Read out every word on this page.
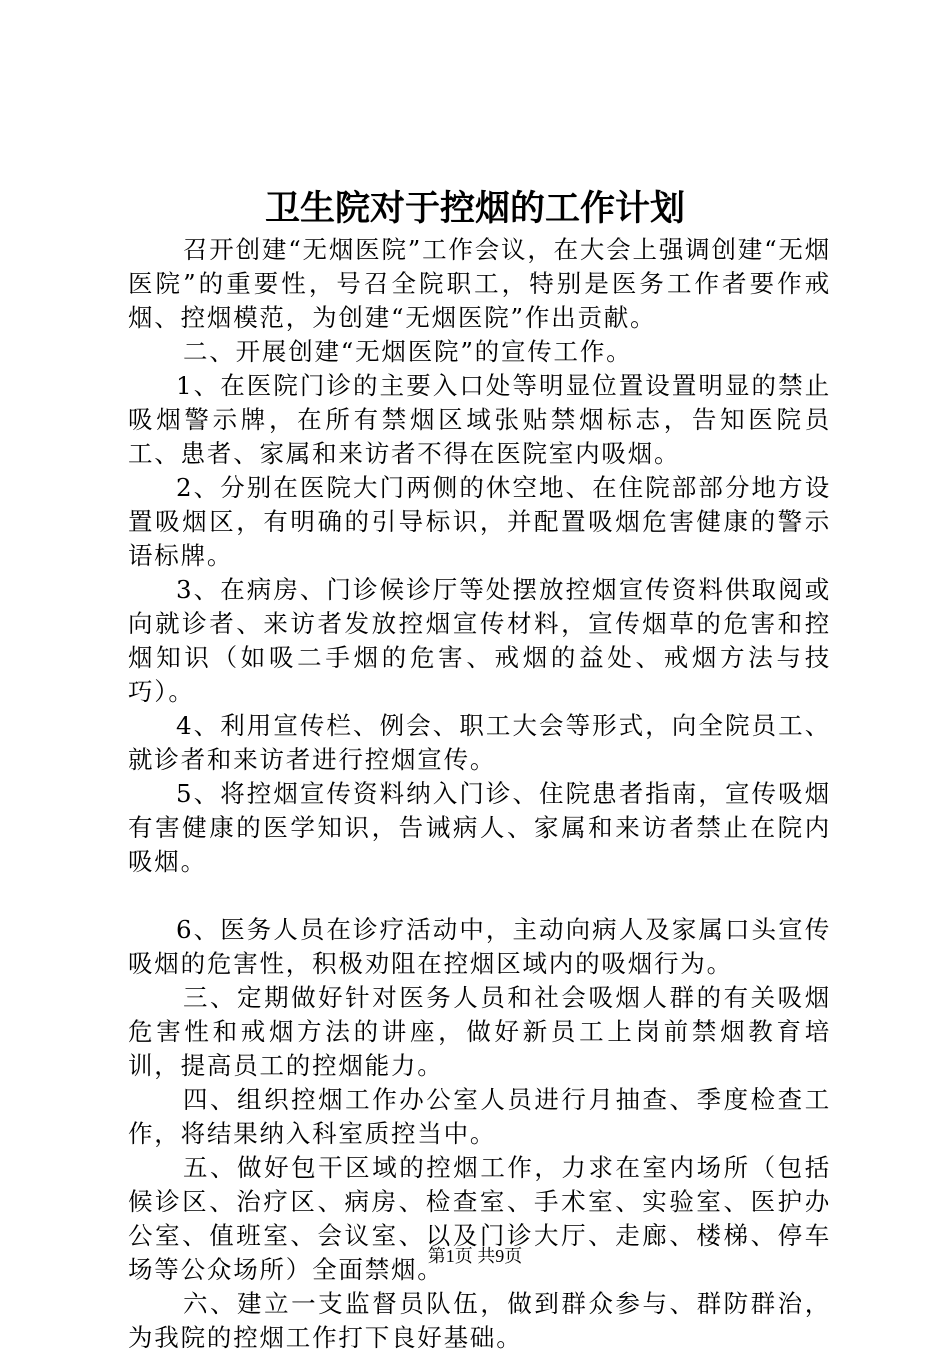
卫生院对于控烟的工作计划

召开创建“无烟医院”工作会议，在大会上强调创建“无烟医院”的重要性，号召全院职工，特别是医务工作者要作戒烟、控烟模范，为创建“无烟医院”作出贡献。

二、开展创建“无烟医院”的宣传工作。

1、在医院门诊的主要入口处等明显位置设置明显的禁止吸烟警示牌，在所有禁烟区域张贴禁烟标志，告知医院员工、患者、家属和来访者不得在医院室内吸烟。

2、分别在医院大门两侧的休空地、在住院部部分地方设置吸烟区，有明确的引导标识，并配置吸烟危害健康的警示语标牌。

3、在病房、门诊候诊厅等处摆放控烟宣传资料供取阅或向就诊者、来访者发放控烟宣传材料，宣传烟草的危害和控烟知识（如吸二手烟的危害、戒烟的益处、戒烟方法与技巧）。

4、利用宣传栏、例会、职工大会等形式，向全院员工、就诊者和来访者进行控烟宣传。

5、将控烟宣传资料纳入门诊、住院患者指南，宣传吸烟有害健康的医学知识，告诫病人、家属和来访者禁止在院内吸烟。

6、医务人员在诊疗活动中，主动向病人及家属口头宣传吸烟的危害性，积极劝阻在控烟区域内的吸烟行为。

三、定期做好针对医务人员和社会吸烟人群的有关吸烟危害性和戒烟方法的讲座，做好新员工上岗前禁烟教育培训，提高员工的控烟能力。

四、组织控烟工作办公室人员进行月抽查、季度检查工作，将结果纳入科室质控当中。

五、做好包干区域的控烟工作，力求在室内场所（包括候诊区、治疗区、病房、检查室、手术室、实验室、医护办公室、值班室、会议室、以及门诊大厅、走廊、楼梯、停车场等公众场所）全面禁烟。

六、建立一支监督员队伍，做到群众参与、群防群治，为我院的控烟工作打下良好基础。

第1页 共9页
